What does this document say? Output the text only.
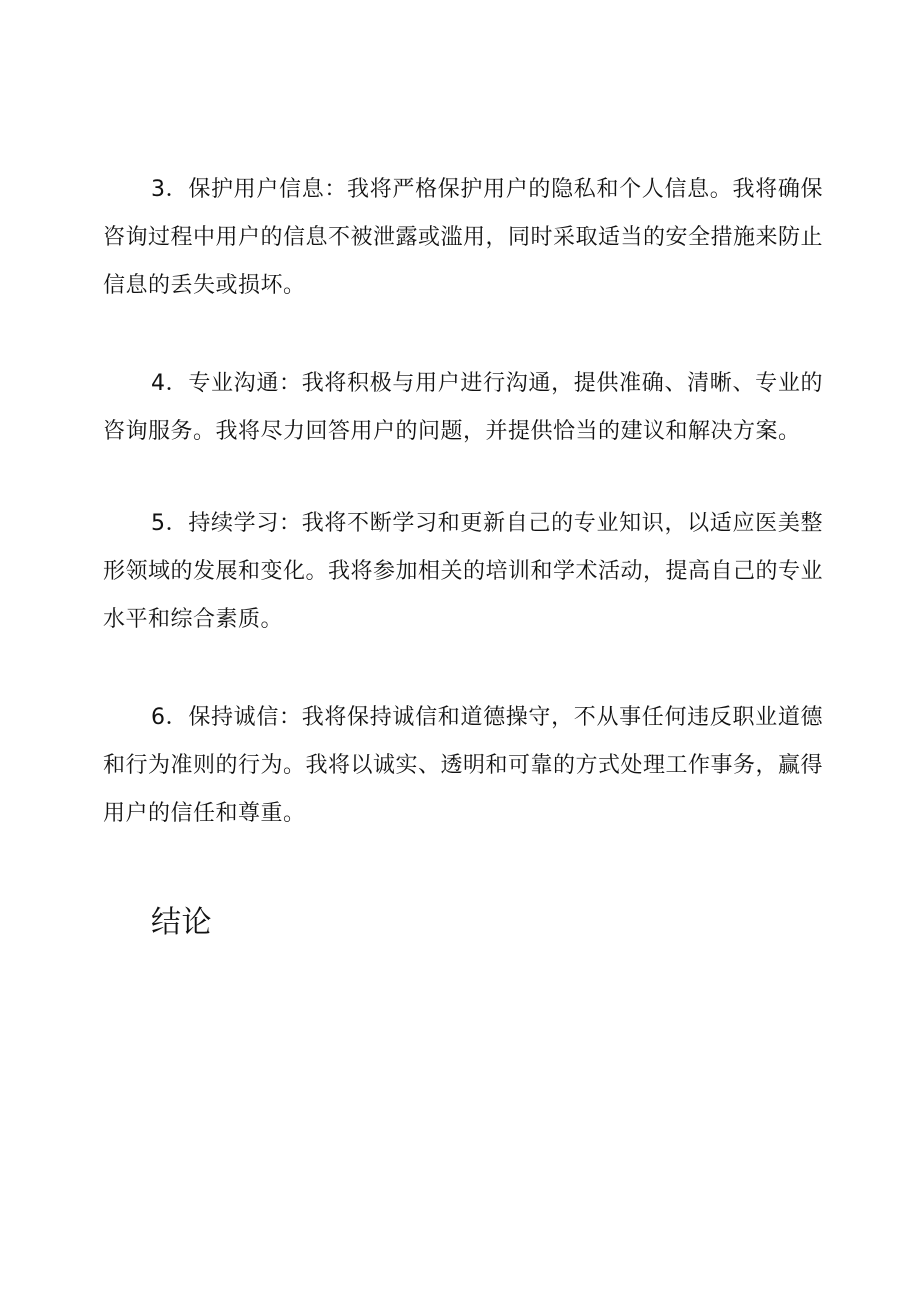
3．保护用户信息：我将严格保护用户的隐私和个人信息。我将确保咨询过程中用户的信息不被泄露或滥用，同时采取适当的安全措施来防止信息的丢失或损坏。

4．专业沟通：我将积极与用户进行沟通，提供准确、清晰、专业的咨询服务。我将尽力回答用户的问题，并提供恰当的建议和解决方案。

5．持续学习：我将不断学习和更新自己的专业知识，以适应医美整形领域的发展和变化。我将参加相关的培训和学术活动，提高自己的专业水平和综合素质。

6．保持诚信：我将保持诚信和道德操守，不从事任何违反职业道德和行为准则的行为。我将以诚实、透明和可靠的方式处理工作事务，赢得用户的信任和尊重。

结论
